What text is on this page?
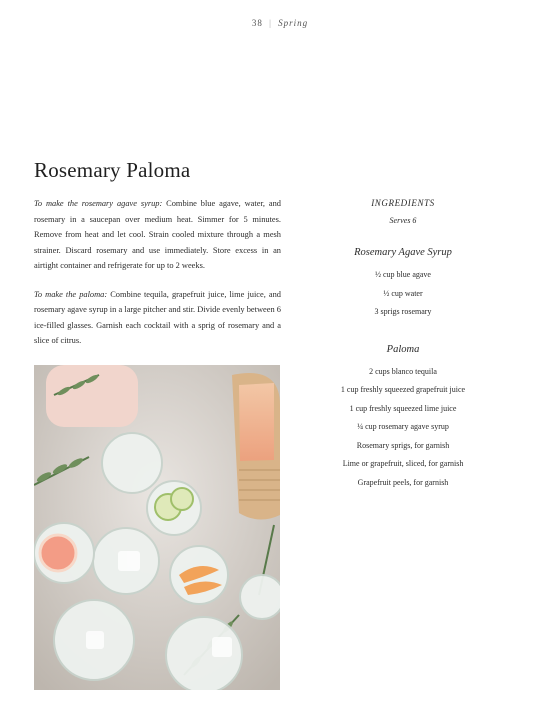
38 | Spring
Rosemary Paloma

To make the rosemary agave syrup: Combine blue agave, water, and rosemary in a saucepan over medium heat. Simmer for 5 minutes. Remove from heat and let cool. Strain cooled mixture through a mesh strainer. Discard rosemary and use immediately. Store excess in an airtight container and refrigerate for up to 2 weeks.

To make the paloma: Combine tequila, grapefruit juice, lime juice, and rosemary agave syrup in a large pitcher and stir. Divide evenly between 6 ice-filled glasses. Garnish each cocktail with a sprig of rosemary and a slice of citrus.

INGREDIENTS
Serves 6
Rosemary Agave Syrup
½ cup blue agave
½ cup water
3 sprigs rosemary
Paloma
2 cups blanco tequila
1 cup freshly squeezed grapefruit juice
1 cup freshly squeezed lime juice
¼ cup rosemary agave syrup
Rosemary sprigs, for garnish
Lime or grapefruit, sliced, for garnish
Grapefruit peels, for garnish
